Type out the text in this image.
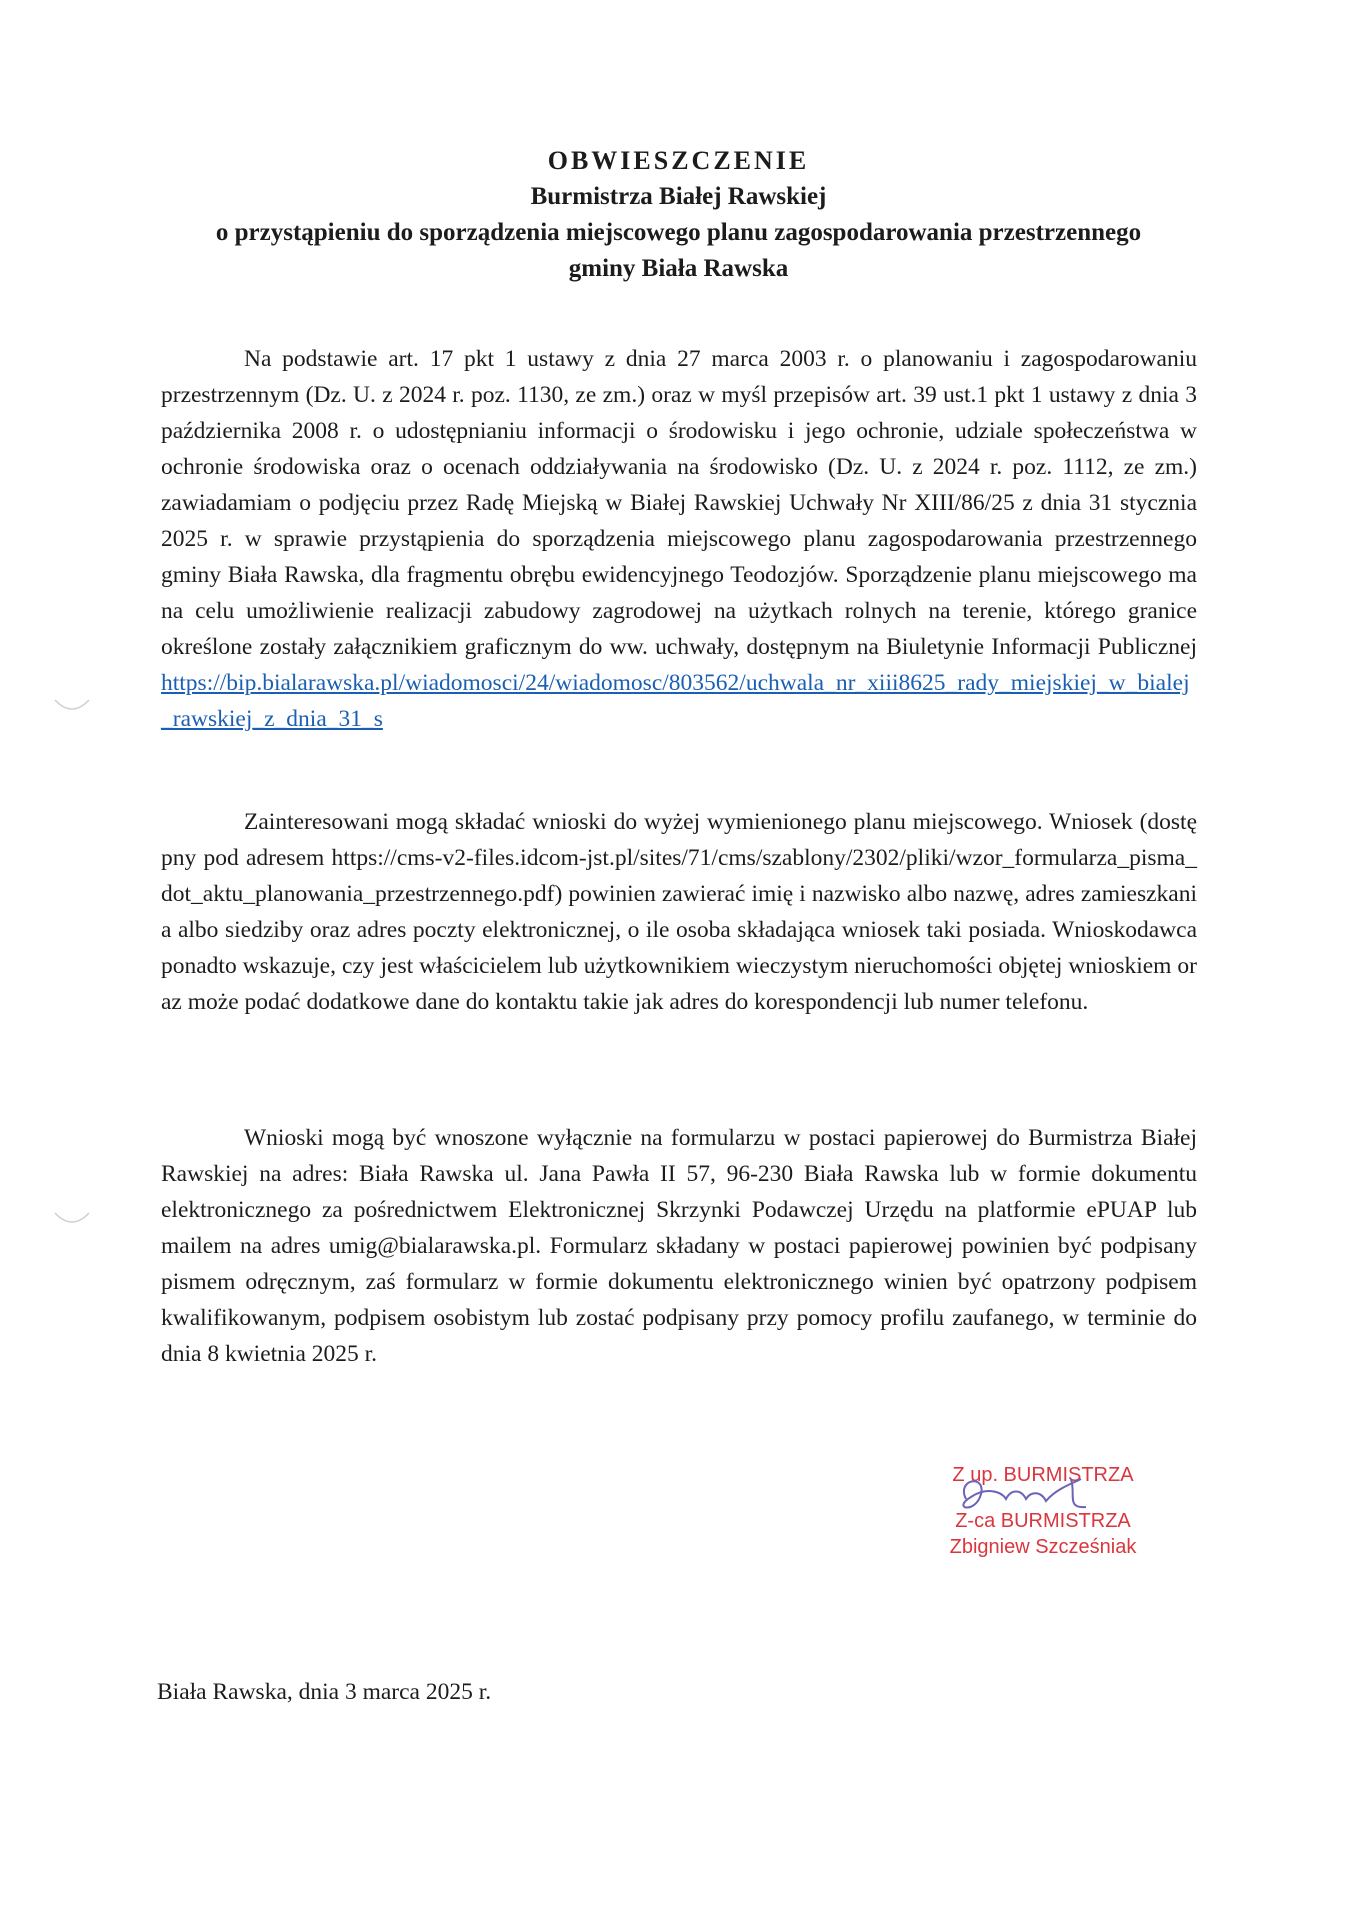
OBWIESZCZENIE
Burmistrza Białej Rawskiej
o przystąpieniu do sporządzenia miejscowego planu zagospodarowania przestrzennego
gminy Biała Rawska
Na podstawie art. 17 pkt 1 ustawy z dnia 27 marca 2003 r. o planowaniu i zagospodarowaniu przestrzennym (Dz. U. z 2024 r. poz. 1130, ze zm.) oraz w myśl przepisów art. 39 ust.1 pkt 1 ustawy z dnia 3 października 2008 r. o udostępnianiu informacji o środowisku i jego ochronie, udziale społeczeństwa w ochronie środowiska oraz o ocenach oddziaływania na środowisko (Dz. U. z 2024 r. poz. 1112, ze zm.) zawiadamiam o podjęciu przez Radę Miejską w Białej Rawskiej Uchwały Nr XIII/86/25 z dnia 31 stycznia 2025 r. w sprawie przystąpienia do sporządzenia miejscowego planu zagospodarowania przestrzennego gminy Biała Rawska, dla fragmentu obrębu ewidencyjnego Teodozjów. Sporządzenie planu miejscowego ma na celu umożliwienie realizacji zabudowy zagrodowej na użytkach rolnych na terenie, którego granice określone zostały załącznikiem graficznym do ww. uchwały, dostępnym na Biuletynie Informacji Publicznej https://bip.bialarawska.pl/wiadomosci/24/wiadomosc/803562/uchwala_nr_xiii8625_rady_miejskiej_w_bialej_rawskiej_z_dnia_31_s
Zainteresowani mogą składać wnioski do wyżej wymienionego planu miejscowego. Wniosek (dostępny pod adresem https://cms-v2-files.idcom-jst.pl/sites/71/cms/szablony/2302/pliki/wzor_formularza_pisma_dot_aktu_planowania_przestrzennego.pdf) powinien zawierać imię i nazwisko albo nazwę, adres zamieszkania albo siedziby oraz adres poczty elektronicznej, o ile osoba składająca wniosek taki posiada. Wnioskodawca ponadto wskazuje, czy jest właścicielem lub użytkownikiem wieczystym nieruchomości objętej wnioskiem oraz może podać dodatkowe dane do kontaktu takie jak adres do korespondencji lub numer telefonu.
Wnioski mogą być wnoszone wyłącznie na formularzu w postaci papierowej do Burmistrza Białej Rawskiej na adres: Biała Rawska ul. Jana Pawła II 57, 96-230 Biała Rawska lub w formie dokumentu elektronicznego za pośrednictwem Elektronicznej Skrzynki Podawczej Urzędu na platformie ePUAP lub mailem na adres umig@bialarawska.pl. Formularz składany w postaci papierowej powinien być podpisany pismem odręcznym, zaś formularz w formie dokumentu elektronicznego winien być opatrzony podpisem kwalifikowanym, podpisem osobistym lub zostać podpisany przy pomocy profilu zaufanego, w terminie do dnia 8 kwietnia 2025 r.
Z up. BURMISTRZA
Z-ca BURMISTRZA
Zbigniew Szcześniak
Biała Rawska, dnia 3 marca 2025 r.
